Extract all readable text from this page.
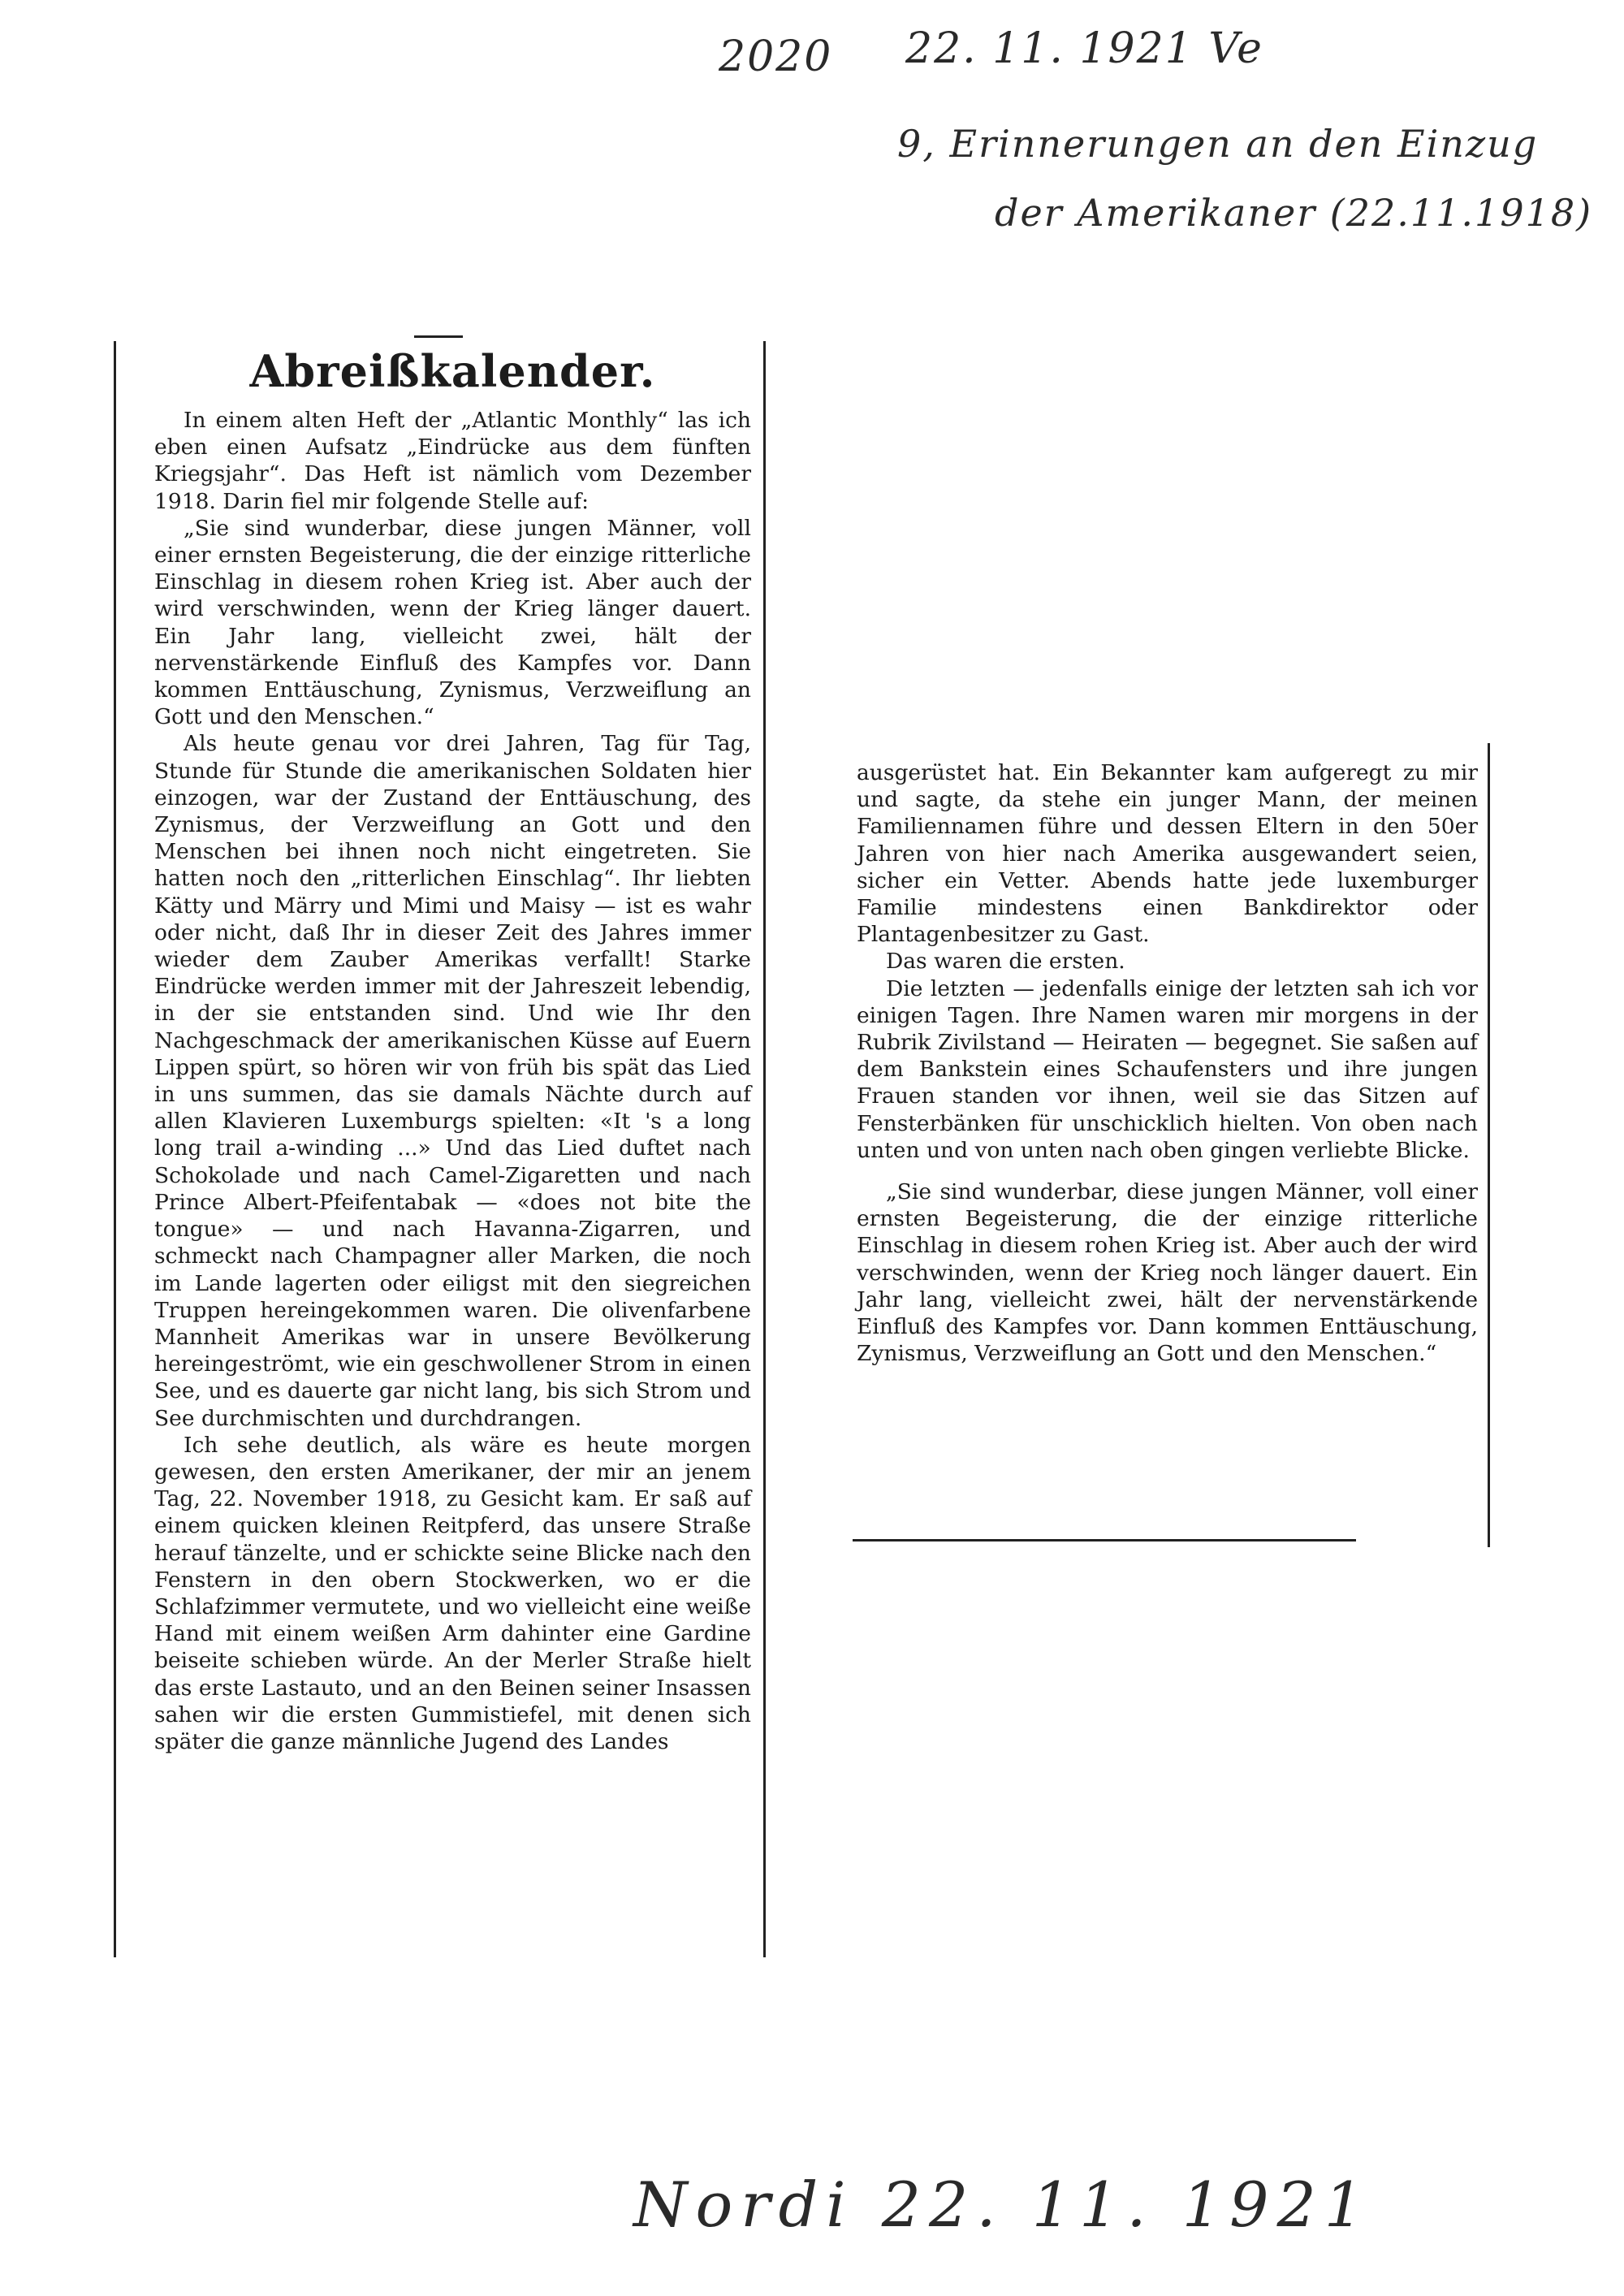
2020 22. 11. 1921 Ve
9, Erinnerungen an den Einzug
der Amerikaner (22.11.1918)
Nordi 22. 11. 1921
Abreißkalender.

In einem alten Heft der „Atlantic Monthly“ las ich eben einen Aufsatz „Eindrücke aus dem fünften Kriegsjahr“. Das Heft ist nämlich vom Dezember 1918. Darin fiel mir folgende Stelle auf:

„Sie sind wunderbar, diese jungen Männer, voll einer ernsten Begeisterung, die der einzige ritterliche Einschlag in diesem rohen Krieg ist. Aber auch der wird verschwinden, wenn der Krieg länger dauert. Ein Jahr lang, vielleicht zwei, hält der nervenstärkende Einfluß des Kampfes vor. Dann kommen Enttäuschung, Zynismus, Verzweiflung an Gott und den Menschen.“

Als heute genau vor drei Jahren, Tag für Tag, Stunde für Stunde die amerikanischen Soldaten hier einzogen, war der Zustand der Enttäuschung, des Zynismus, der Verzweiflung an Gott und den Menschen bei ihnen noch nicht eingetreten. Sie hatten noch den „ritterlichen Einschlag“. Ihr liebten Kätty und Märry und Mimi und Maisy — ist es wahr oder nicht, daß Ihr in dieser Zeit des Jahres immer wieder dem Zauber Amerikas verfallt! Starke Eindrücke werden immer mit der Jahreszeit lebendig, in der sie entstanden sind. Und wie Ihr den Nachgeschmack der amerikanischen Küsse auf Euern Lippen spürt, so hören wir von früh bis spät das Lied in uns summen, das sie damals Nächte durch auf allen Klavieren Luxemburgs spielten: «It 's a long long trail a-winding ...» Und das Lied duftet nach Schokolade und nach Camel-Zigaretten und nach Prince Albert-Pfeifentabak — «does not bite the tongue» — und nach Havanna-Zigarren, und schmeckt nach Champagner aller Marken, die noch im Lande lagerten oder eiligst mit den siegreichen Truppen hereingekommen waren. Die olivenfarbene Mannheit Amerikas war in unsere Bevölkerung hereingeströmt, wie ein geschwollener Strom in einen See, und es dauerte gar nicht lang, bis sich Strom und See durchmischten und durchdrangen.

Ich sehe deutlich, als wäre es heute morgen gewesen, den ersten Amerikaner, der mir an jenem Tag, 22. November 1918, zu Gesicht kam. Er saß auf einem quicken kleinen Reitpferd, das unsere Straße herauf tänzelte, und er schickte seine Blicke nach den Fenstern in den obern Stockwerken, wo er die Schlafzimmer vermutete, und wo vielleicht eine weiße Hand mit einem weißen Arm dahinter eine Gardine beiseite schieben würde. An der Merler Straße hielt das erste Lastauto, und an den Beinen seiner Insassen sahen wir die ersten Gummistiefel, mit denen sich später die ganze männliche Jugend des Landes

ausgerüstet hat. Ein Bekannter kam aufgeregt zu mir und sagte, da stehe ein junger Mann, der meinen Familiennamen führe und dessen Eltern in den 50er Jahren von hier nach Amerika ausgewandert seien, sicher ein Vetter. Abends hatte jede luxemburger Familie mindestens einen Bankdirektor oder Plantagenbesitzer zu Gast.

Das waren die ersten.

Die letzten — jedenfalls einige der letzten sah ich vor einigen Tagen. Ihre Namen waren mir morgens in der Rubrik Zivilstand — Heiraten — begegnet. Sie saßen auf dem Bankstein eines Schaufensters und ihre jungen Frauen standen vor ihnen, weil sie das Sitzen auf Fensterbänken für unschicklich hielten. Von oben nach unten und von unten nach oben gingen verliebte Blicke.

„Sie sind wunderbar, diese jungen Männer, voll einer ernsten Begeisterung, die der einzige ritterliche Einschlag in diesem rohen Krieg ist. Aber auch der wird verschwinden, wenn der Krieg noch länger dauert. Ein Jahr lang, vielleicht zwei, hält der nervenstärkende Einfluß des Kampfes vor. Dann kommen Enttäuschung, Zynismus, Verzweiflung an Gott und den Menschen.“
